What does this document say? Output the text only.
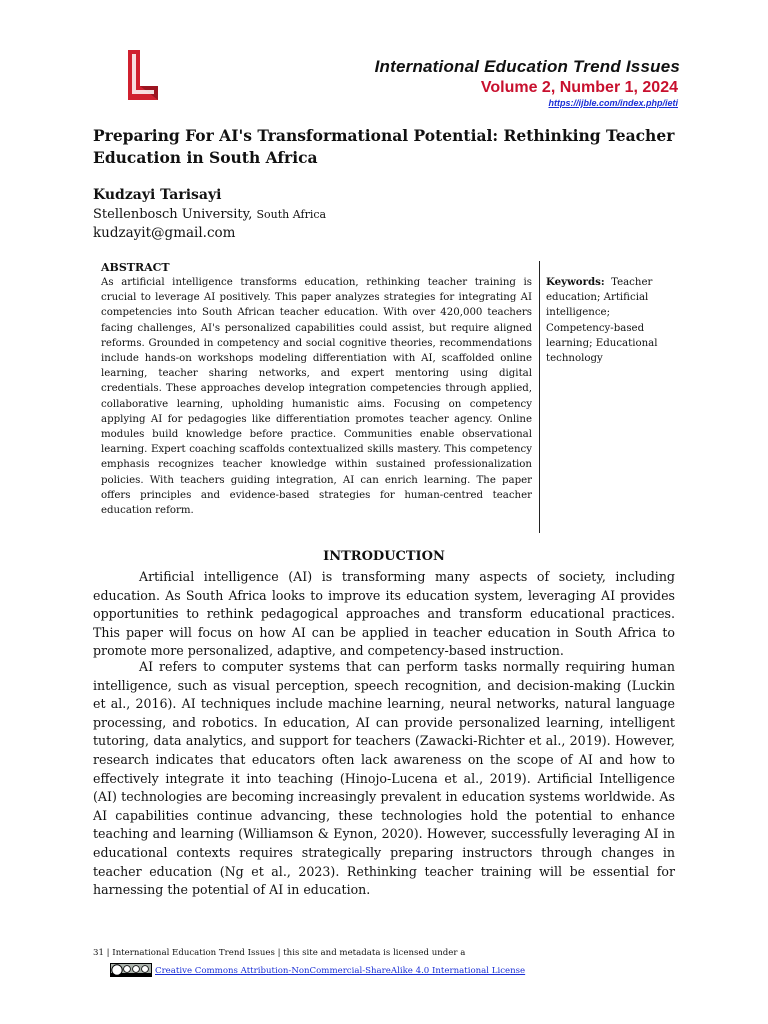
International Education Trend Issues
Volume 2, Number 1, 2024
https://ijble.com/index.php/ieti
Preparing For AI's Transformational Potential: Rethinking Teacher Education in South Africa
Kudzayi Tarisayi
Stellenbosch University, South Africa
kudzayit@gmail.com
ABSTRACT
As artificial intelligence transforms education, rethinking teacher training is crucial to leverage AI positively. This paper analyzes strategies for integrating AI competencies into South African teacher education. With over 420,000 teachers facing challenges, AI's personalized capabilities could assist, but require aligned reforms. Grounded in competency and social cognitive theories, recommendations include hands-on workshops modeling differentiation with AI, scaffolded online learning, teacher sharing networks, and expert mentoring using digital credentials. These approaches develop integration competencies through applied, collaborative learning, upholding humanistic aims. Focusing on competency applying AI for pedagogies like differentiation promotes teacher agency. Online modules build knowledge before practice. Communities enable observational learning. Expert coaching scaffolds contextualized skills mastery. This competency emphasis recognizes teacher knowledge within sustained professionalization policies. With teachers guiding integration, AI can enrich learning. The paper offers principles and evidence-based strategies for human-centred teacher education reform.
Keywords: Teacher education; Artificial intelligence; Competency-based learning; Educational technology
INTRODUCTION
Artificial intelligence (AI) is transforming many aspects of society, including education. As South Africa looks to improve its education system, leveraging AI provides opportunities to rethink pedagogical approaches and transform educational practices. This paper will focus on how AI can be applied in teacher education in South Africa to promote more personalized, adaptive, and competency-based instruction.
AI refers to computer systems that can perform tasks normally requiring human intelligence, such as visual perception, speech recognition, and decision-making (Luckin et al., 2016). AI techniques include machine learning, neural networks, natural language processing, and robotics. In education, AI can provide personalized learning, intelligent tutoring, data analytics, and support for teachers (Zawacki-Richter et al., 2019). However, research indicates that educators often lack awareness on the scope of AI and how to effectively integrate it into teaching (Hinojo-Lucena et al., 2019). Artificial Intelligence (AI) technologies are becoming increasingly prevalent in education systems worldwide. As AI capabilities continue advancing, these technologies hold the potential to enhance teaching and learning (Williamson & Eynon, 2020). However, successfully leveraging AI in educational contexts requires strategically preparing instructors through changes in teacher education (Ng et al., 2023). Rethinking teacher training will be essential for harnessing the potential of AI in education.
31 | International Education Trend Issues | this site and metadata is licensed under a
Creative Commons Attribution-NonCommercial-ShareAlike 4.0 International License
